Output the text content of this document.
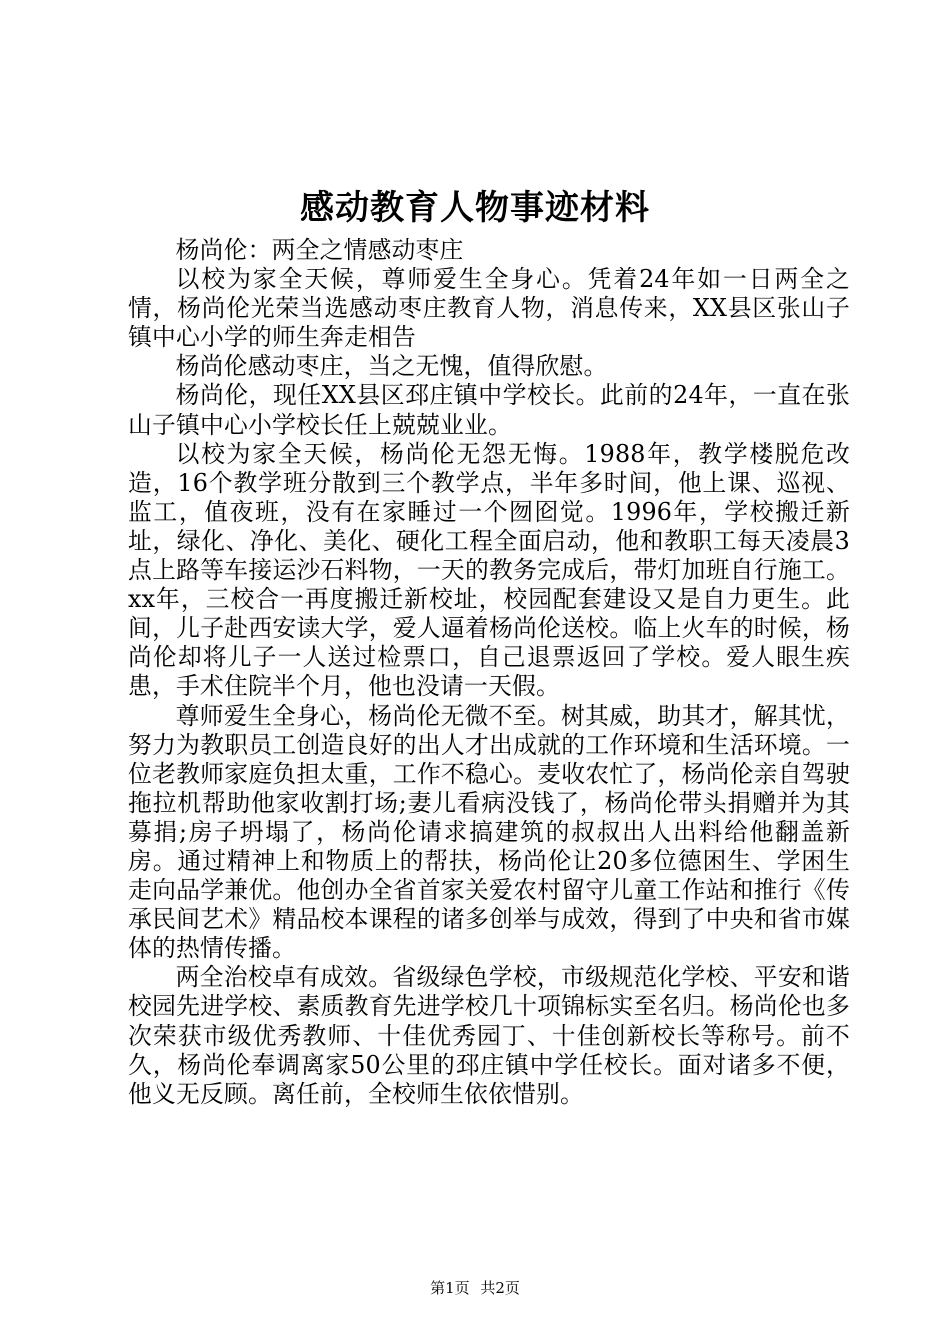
感动教育人物事迹材料

杨尚伦：两全之情感动枣庄

以校为家全天候，尊师爱生全身心。凭着24年如一日两全之情，杨尚伦光荣当选感动枣庄教育人物，消息传来，XX县区张山子镇中心小学的师生奔走相告

杨尚伦感动枣庄，当之无愧，值得欣慰。

杨尚伦，现任XX县区邳庄镇中学校长。此前的24年，一直在张山子镇中心小学校长任上兢兢业业。

以校为家全天候，杨尚伦无怨无悔。1988年，教学楼脱危改造，16个教学班分散到三个教学点，半年多时间，他上课、巡视、监工，值夜班，没有在家睡过一个囫囵觉。1996年，学校搬迁新址，绿化、净化、美化、硬化工程全面启动，他和教职工每天凌晨3点上路等车接运沙石料物，一天的教务完成后，带灯加班自行施工。xx年，三校合一再度搬迁新校址，校园配套建设又是自力更生。此间，儿子赴西安读大学，爱人逼着杨尚伦送校。临上火车的时候，杨尚伦却将儿子一人送过检票口，自己退票返回了学校。爱人眼生疾患，手术住院半个月，他也没请一天假。

尊师爱生全身心，杨尚伦无微不至。树其威，助其才，解其忧，努力为教职员工创造良好的出人才出成就的工作环境和生活环境。一位老教师家庭负担太重，工作不稳心。麦收农忙了，杨尚伦亲自驾驶拖拉机帮助他家收割打场;妻儿看病没钱了，杨尚伦带头捐赠并为其募捐;房子坍塌了，杨尚伦请求搞建筑的叔叔出人出料给他翻盖新房。通过精神上和物质上的帮扶，杨尚伦让20多位德困生、学困生走向品学兼优。他创办全省首家关爱农村留守儿童工作站和推行《传承民间艺术》精品校本课程的诸多创举与成效，得到了中央和省市媒体的热情传播。

两全治校卓有成效。省级绿色学校，市级规范化学校、平安和谐校园先进学校、素质教育先进学校几十项锦标实至名归。杨尚伦也多次荣获市级优秀教师、十佳优秀园丁、十佳创新校长等称号。前不久，杨尚伦奉调离家50公里的邳庄镇中学任校长。面对诸多不便，他义无反顾。离任前，全校师生依依惜别。

第1页 共2页
